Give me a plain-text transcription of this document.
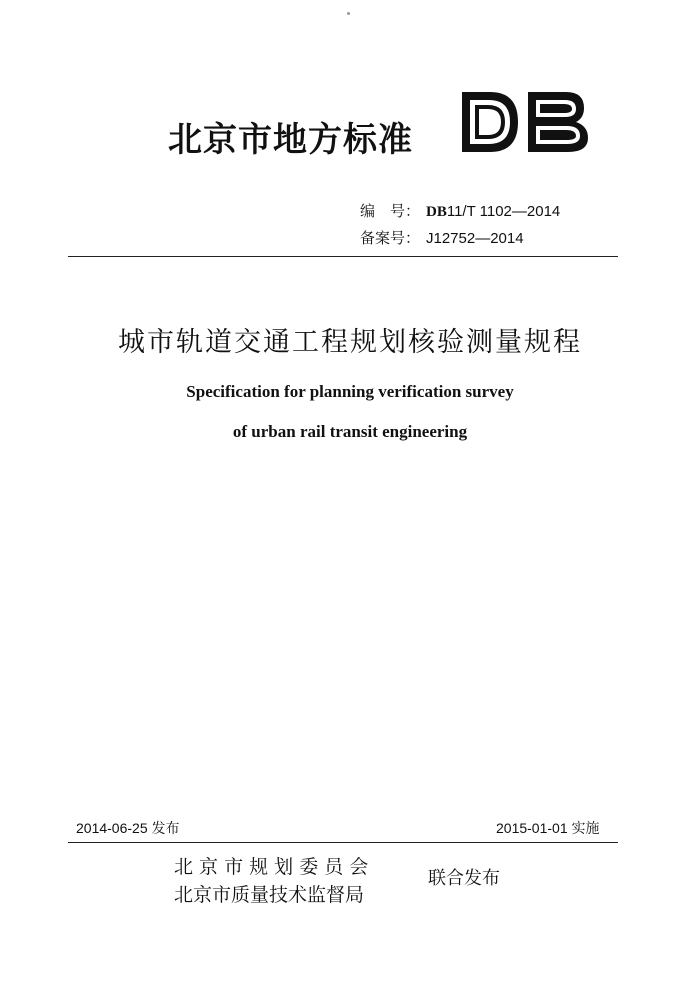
北京市地方标准
编　号： DB11/T 1102—2014
备案号： J12752—2014
城市轨道交通工程规划核验测量规程
Specification for planning verification survey
of urban rail transit engineering
2014-06-25 发布	2015-01-01 实施
北 京 市 规 划 委 员 会
北京市质量技术监督局
联合发布
